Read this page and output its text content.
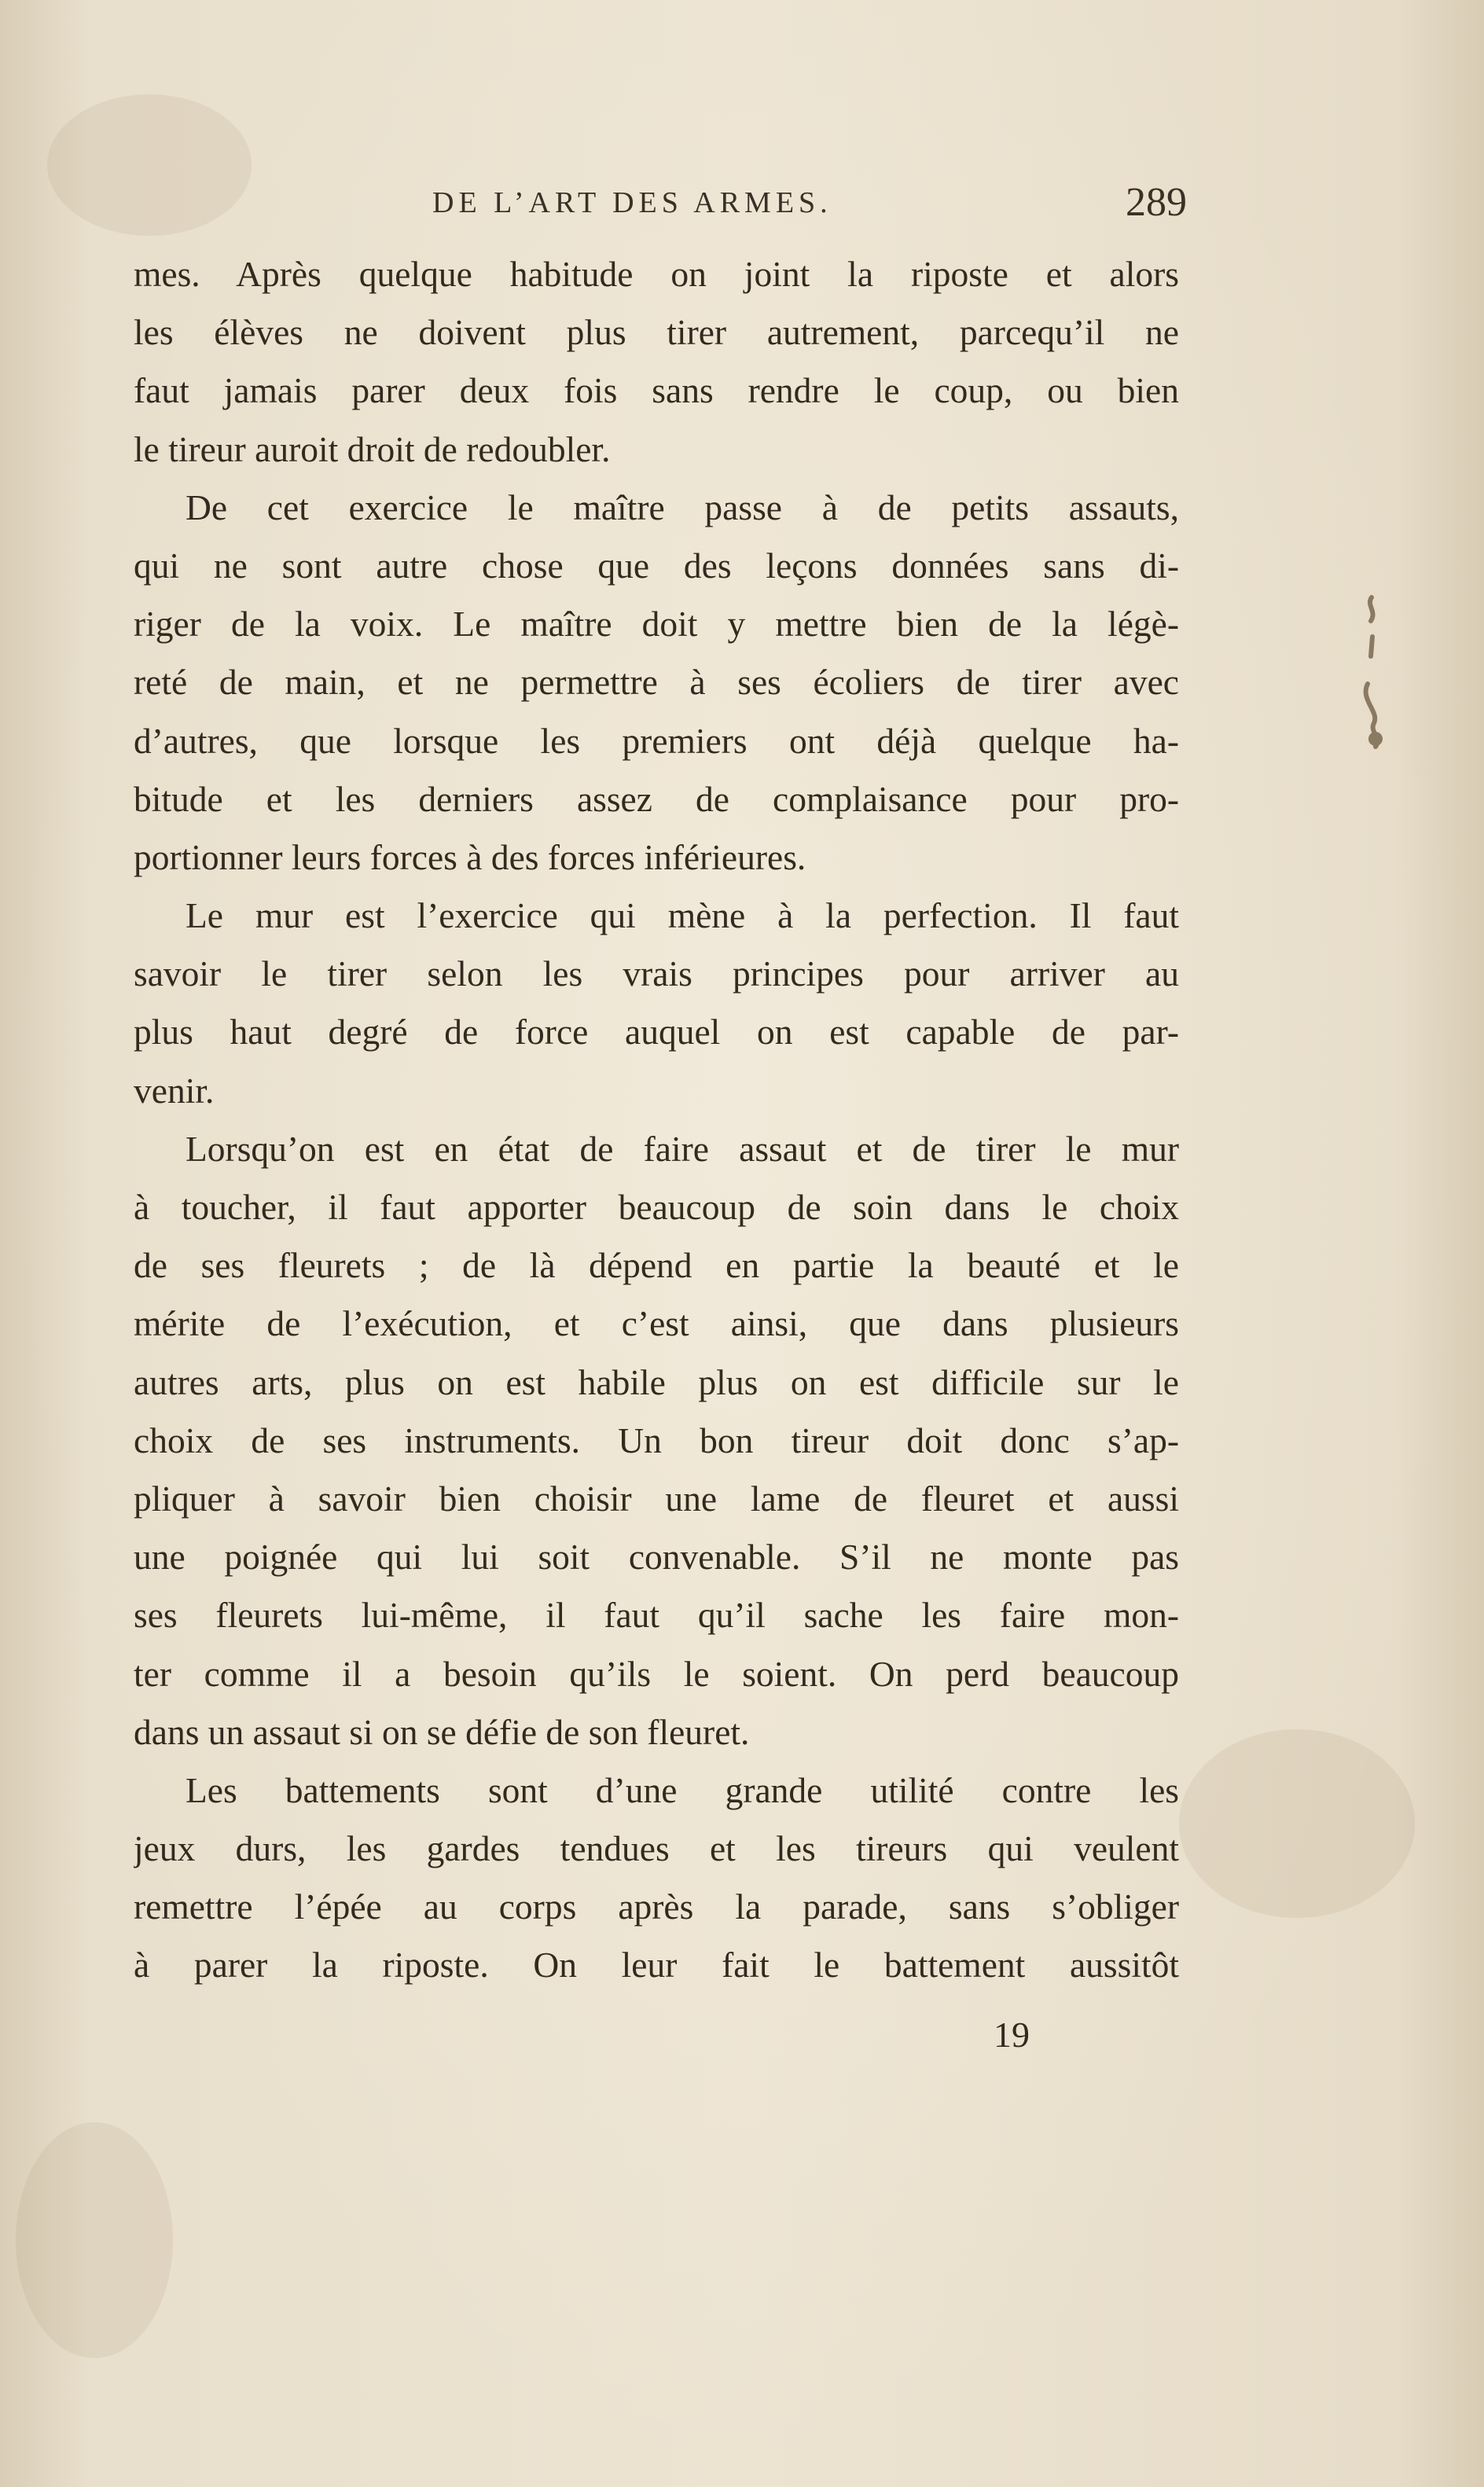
DE L’ART DES ARMES.	289
mes. Après quelque habitude on joint la riposte et alors
les élèves ne doivent plus tirer autrement, parcequ’il ne
faut jamais parer deux fois sans rendre le coup, ou bien
le tireur auroit droit de redoubler.
De cet exercice le maître passe à de petits assauts,
qui ne sont autre chose que des leçons données sans di-
riger de la voix. Le maître doit y mettre bien de la légè-
reté de main, et ne permettre à ses écoliers de tirer avec
d’autres, que lorsque les premiers ont déjà quelque ha-
bitude et les derniers assez de complaisance pour pro-
portionner leurs forces à des forces inférieures.
Le mur est l’exercice qui mène à la perfection. Il faut
savoir le tirer selon les vrais principes pour arriver au
plus haut degré de force auquel on est capable de par-
venir.
Lorsqu’on est en état de faire assaut et de tirer le mur
à toucher, il faut apporter beaucoup de soin dans le choix
de ses fleurets ; de là dépend en partie la beauté et le
mérite de l’exécution, et c’est ainsi, que dans plusieurs
autres arts, plus on est habile plus on est difficile sur le
choix de ses instruments. Un bon tireur doit donc s’ap-
pliquer à savoir bien choisir une lame de fleuret et aussi
une poignée qui lui soit convenable. S’il ne monte pas
ses fleurets lui-même, il faut qu’il sache les faire mon-
ter comme il a besoin qu’ils le soient. On perd beaucoup
dans un assaut si on se défie de son fleuret.
Les battements sont d’une grande utilité contre les
jeux durs, les gardes tendues et les tireurs qui veulent
remettre l’épée au corps après la parade, sans s’obliger
à parer la riposte. On leur fait le battement aussitôt
19
